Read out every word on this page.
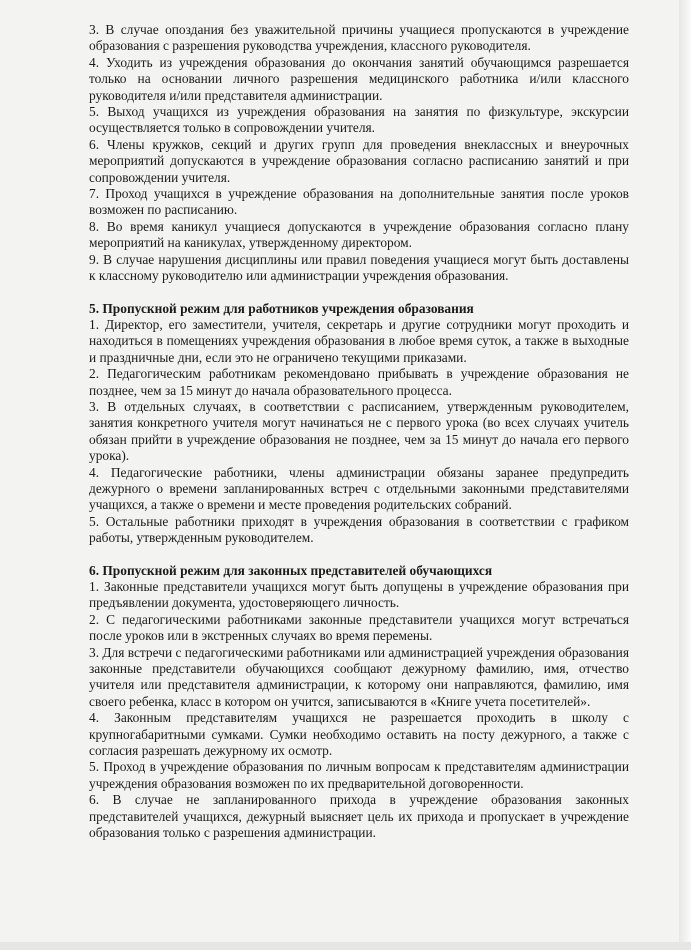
3. В случае опоздания без уважительной причины учащиеся пропускаются в учреждение образования с разрешения руководства учреждения, классного руководителя.

4. Уходить из учреждения образования до окончания занятий обучающимся разрешается только на основании личного разрешения медицинского работника и/или классного руководителя и/или представителя администрации.

5. Выход учащихся из учреждения образования на занятия по физкультуре, экскурсии осуществляется только в сопровождении учителя.

6. Члены кружков, секций и других групп для проведения внеклассных и внеурочных мероприятий допускаются в учреждение образования согласно расписанию занятий и при сопровождении учителя.

7. Проход учащихся в учреждение образования на дополнительные занятия после уроков возможен по расписанию.

8. Во время каникул учащиеся допускаются в учреждение образования согласно плану мероприятий на каникулах, утвержденному директором.

9. В случае нарушения дисциплины или правил поведения учащиеся могут быть доставлены к классному руководителю или администрации учреждения образования.

5. Пропускной режим для работников учреждения образования

1. Директор, его заместители, учителя, секретарь и другие сотрудники могут проходить и находиться в помещениях учреждения образования в любое время суток, а также в выходные и праздничные дни, если это не ограничено текущими приказами.

2. Педагогическим работникам рекомендовано прибывать в учреждение образования не позднее, чем за 15 минут до начала образовательного процесса.

3. В отдельных случаях, в соответствии с расписанием, утвержденным руководителем, занятия конкретного учителя могут начинаться не с первого урока (во всех случаях учитель обязан прийти в учреждение образования не позднее, чем за 15 минут до начала его первого урока).

4. Педагогические работники, члены администрации обязаны заранее предупредить дежурного о времени запланированных встреч с отдельными законными представителями учащихся, а также о времени и месте проведения родительских собраний.

5. Остальные работники приходят в учреждения образования в соответствии с графиком работы, утвержденным руководителем.

6. Пропускной режим для законных представителей обучающихся

1. Законные представители учащихся могут быть допущены в учреждение образования при предъявлении документа, удостоверяющего личность.

2. С педагогическими работниками законные представители учащихся могут встречаться после уроков или в экстренных случаях во время перемены.

3. Для встречи с педагогическими работниками или администрацией учреждения образования законные представители обучающихся сообщают дежурному фамилию, имя, отчество учителя или представителя администрации, к которому они направляются, фамилию, имя своего ребенка, класс в котором он учится, записываются в «Книге учета посетителей».

4. Законным представителям учащихся не разрешается проходить в школу с крупногабаритными сумками. Сумки необходимо оставить на посту дежурного, а также с согласия разрешать дежурному их осмотр.

5. Проход в учреждение образования по личным вопросам к представителям администрации учреждения образования возможен по их предварительной договоренности.

6. В случае не запланированного прихода в учреждение образования законных представителей учащихся, дежурный выясняет цель их прихода и пропускает в учреждение образования только с разрешения администрации.
